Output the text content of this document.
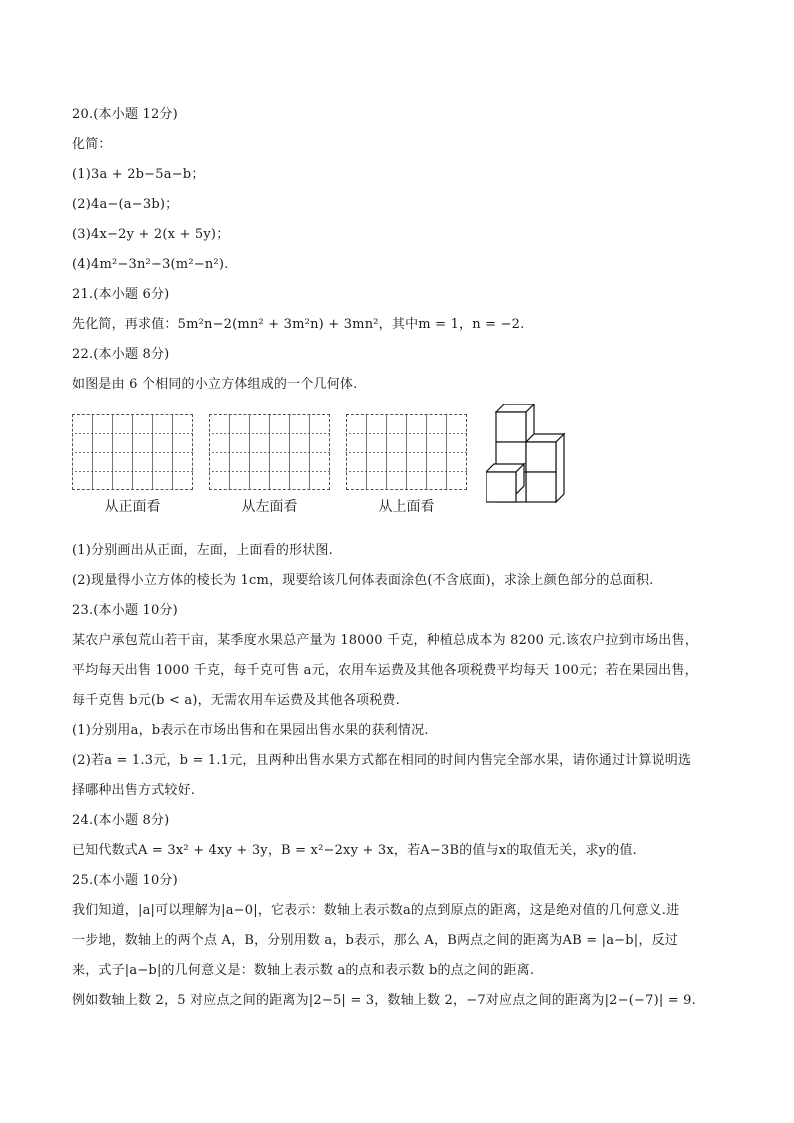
20.(本小题 12分)
化简：
(1)3a + 2b−5a−b；
(2)4a−(a−3b)；
(3)4x−2y + 2(x + 5y)；
(4)4m²−3n²−3(m²−n²).
21.(本小题 6分)
先化简，再求值：5m²n−2(mn² + 3m²n) + 3mn²，其中m = 1，n = −2.
22.(本小题 8分)
如图是由 6 个相同的小立方体组成的一个几何体.
从正面看	从左面看	从上面看
(1)分别画出从正面，左面，上面看的形状图.
(2)现量得小立方体的棱长为 1cm，现要给该几何体表面涂色(不含底面)，求涂上颜色部分的总面积.
23.(本小题 10分)
某农户承包荒山若干亩，某季度水果总产量为 18000 千克，种植总成本为 8200 元.该农户拉到市场出售，
平均每天出售 1000 千克，每千克可售 a元，农用车运费及其他各项税费平均每天 100元；若在果园出售，
每千克售 b元(b < a)，无需农用车运费及其他各项税费.
(1)分别用a，b表示在市场出售和在果园出售水果的获利情况.
(2)若a = 1.3元，b = 1.1元，且两种出售水果方式都在相同的时间内售完全部水果，请你通过计算说明选
择哪种出售方式较好.
24.(本小题 8分)
已知代数式A = 3x² + 4xy + 3y，B = x²−2xy + 3x，若A−3B的值与x的取值无关，求y的值.
25.(本小题 10分)
我们知道，|a|可以理解为|a−0|，它表示：数轴上表示数a的点到原点的距离，这是绝对值的几何意义.进
一步地，数轴上的两个点 A，B，分别用数 a，b表示，那么 A，B两点之间的距离为AB = |a−b|，反过
来，式子|a−b|的几何意义是：数轴上表示数 a的点和表示数 b的点之间的距离.
例如数轴上数 2，5 对应点之间的距离为|2−5| = 3，数轴上数 2，−7对应点之间的距离为|2−(−7)| = 9.
